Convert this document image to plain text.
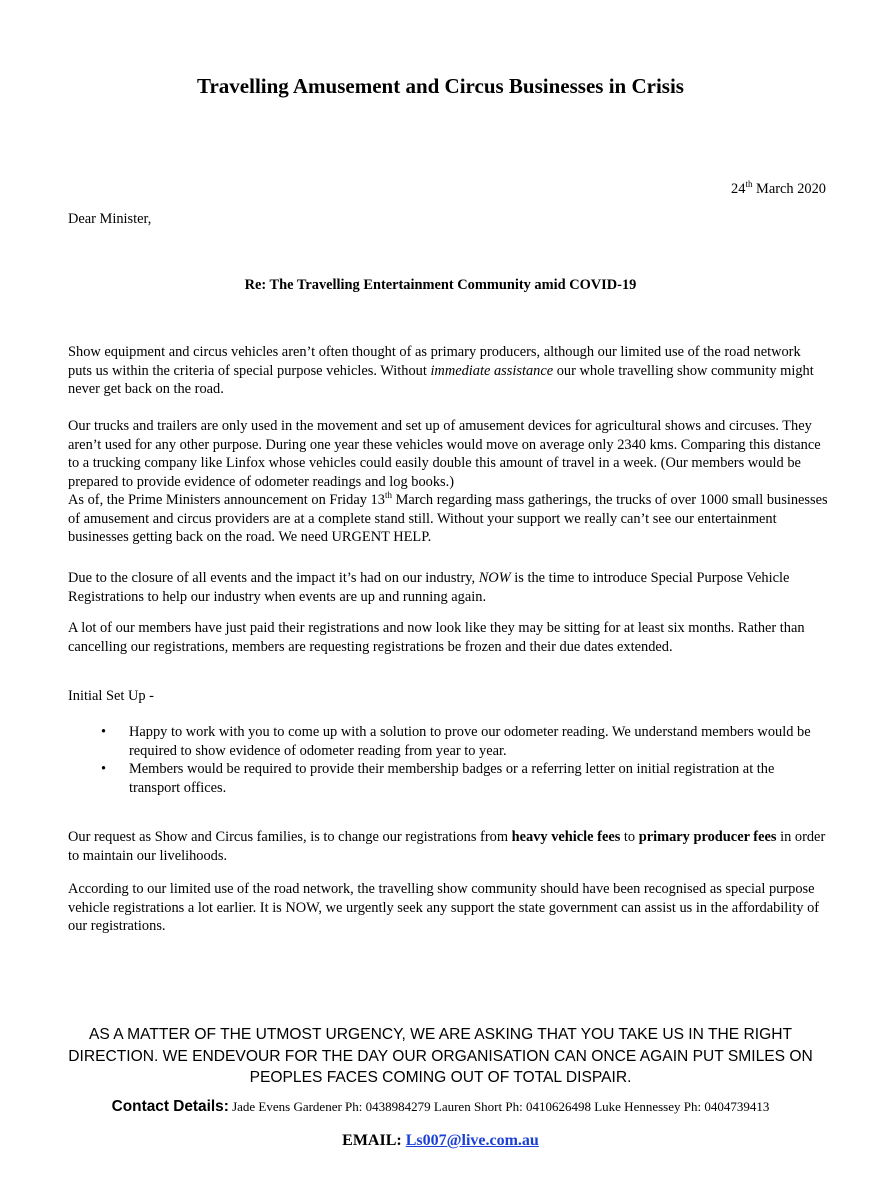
Travelling Amusement and Circus Businesses in Crisis
24th March 2020
Dear Minister,
Re: The Travelling Entertainment Community amid COVID-19

Show equipment and circus vehicles aren’t often thought of as primary producers, although our limited use of the road network puts us within the criteria of special purpose vehicles. Without immediate assistance our whole travelling show community might never get back on the road.

Our trucks and trailers are only used in the movement and set up of amusement devices for agricultural shows and circuses. They aren’t used for any other purpose. During one year these vehicles would move on average only 2340 kms. Comparing this distance to a trucking company like Linfox whose vehicles could easily double this amount of travel in a week. (Our members would be prepared to provide evidence of odometer readings and log books.)

As of, the Prime Ministers announcement on Friday 13th March regarding mass gatherings, the trucks of over 1000 small businesses of amusement and circus providers are at a complete stand still. Without your support we really can’t see our entertainment businesses getting back on the road. We need URGENT HELP.

Due to the closure of all events and the impact it’s had on our industry, NOW is the time to introduce Special Purpose Vehicle Registrations to help our industry when events are up and running again.

A lot of our members have just paid their registrations and now look like they may be sitting for at least six months. Rather than cancelling our registrations, members are requesting registrations be frozen and their due dates extended.

Initial Set Up -
• Happy to work with you to come up with a solution to prove our odometer reading. We understand members would be required to show evidence of odometer reading from year to year.
• Members would be required to provide their membership badges or a referring letter on initial registration at the transport offices.

Our request as Show and Circus families, is to change our registrations from heavy vehicle fees to primary producer fees in order to maintain our livelihoods.

According to our limited use of the road network, the travelling show community should have been recognised as special purpose vehicle registrations a lot earlier. It is NOW, we urgently seek any support the state government can assist us in the affordability of our registrations.

AS A MATTER OF THE UTMOST URGENCY, WE ARE ASKING THAT YOU TAKE US IN THE RIGHT DIRECTION. WE ENDEVOUR FOR THE DAY OUR ORGANISATION CAN ONCE AGAIN PUT SMILES ON PEOPLES FACES COMING OUT OF TOTAL DISPAIR.

Contact Details: Jade Evens Gardener Ph: 0438984279 Lauren Short Ph: 0410626498 Luke Hennessey Ph: 0404739413
EMAIL: Ls007@live.com.au
